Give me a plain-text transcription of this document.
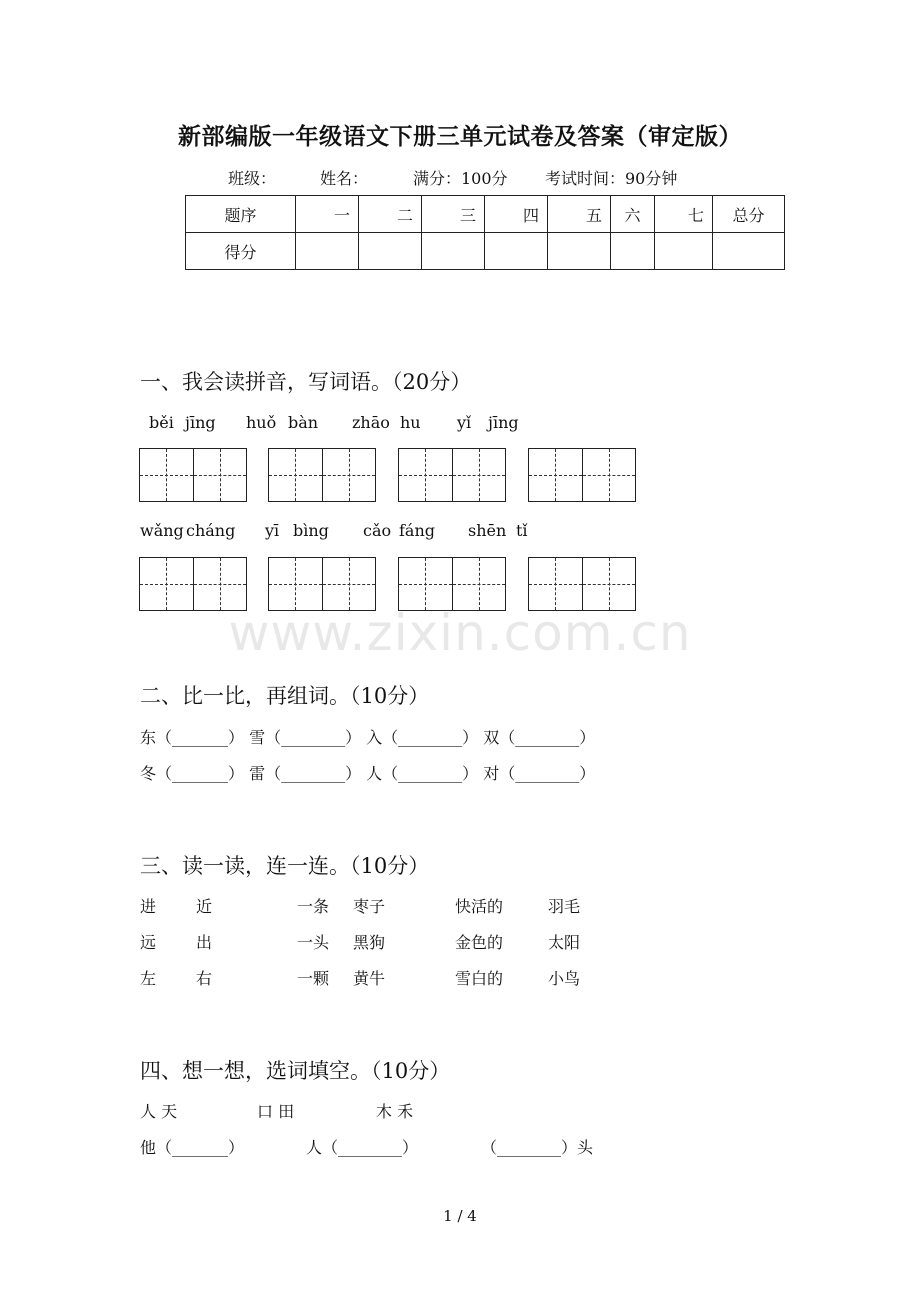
新部编版一年级语文下册三单元试卷及答案（审定版）
班级：	姓名：	满分：100分 考试时间：90分钟
题序	一	二	三	四	五	六	七	总分
得分								
一、我会读拼音，写词语。（20分）
běi jīng huǒ bàn zhāo hu yǐ jīng
wǎng cháng yī bìng cǎo fáng shēn tǐ
www.zixin.com.cn
二、比一比，再组词。（10分）
东（_______） 雪（________） 入（________） 双（________）
冬（_______） 雷（________） 人（________） 对（________）
三、读一读，连一连。（10分）
进 近	一条 枣子	快活的	羽毛
远 出	一头 黑狗	金色的	太阳
左 右	一颗 黄牛	雪白的	小鸟
四、想一想，选词填空。（10分）
人 天	口 田	木 禾
他（_______）	人（________）	（________）头
1 / 4
